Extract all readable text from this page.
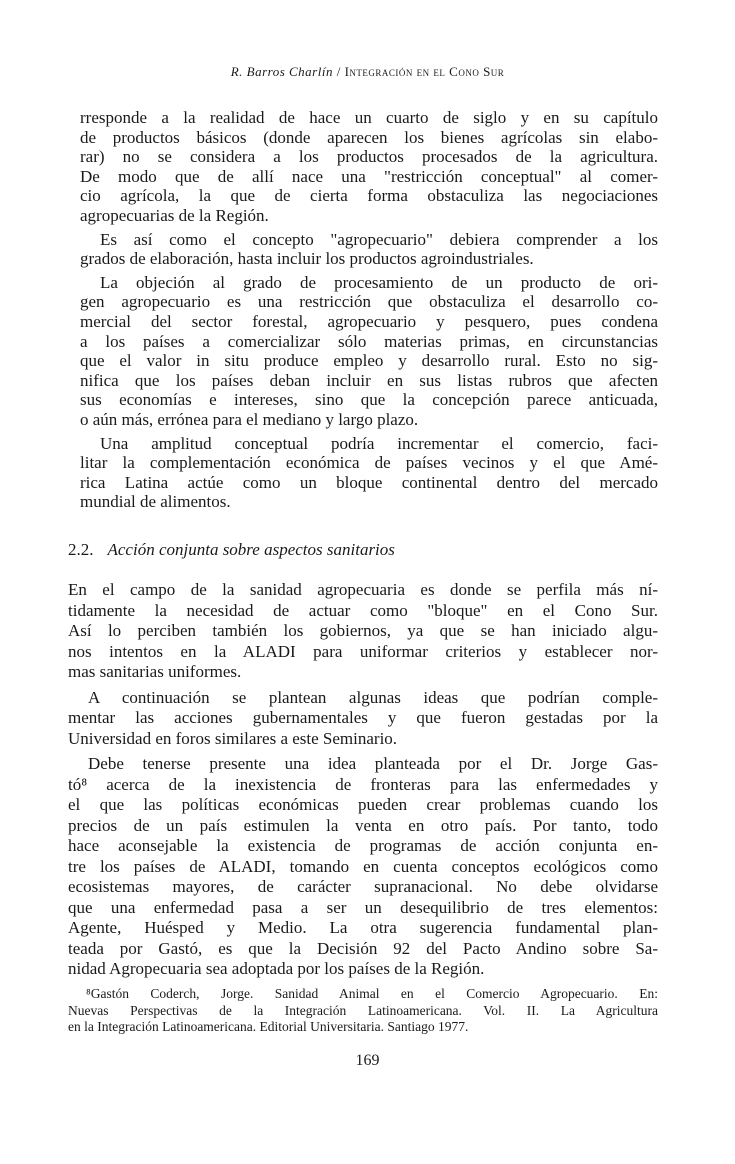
R. Barros Charlín / Integración en el Cono Sur

rresponde a la realidad de hace un cuarto de siglo y en su capítulo
de productos básicos (donde aparecen los bienes agrícolas sin elabo-
rar) no se considera a los productos procesados de la agricultura.
De modo que de allí nace una "restricción conceptual" al comer-
cio agrícola, la que de cierta forma obstaculiza las negociaciones
agropecuarias de la Región.

Es así como el concepto "agropecuario" debiera comprender a los
grados de elaboración, hasta incluir los productos agroindustriales.

La objeción al grado de procesamiento de un producto de ori-
gen agropecuario es una restricción que obstaculiza el desarrollo co-
mercial del sector forestal, agropecuario y pesquero, pues condena
a los países a comercializar sólo materias primas, en circunstancias
que el valor in situ produce empleo y desarrollo rural. Esto no sig-
nifica que los países deban incluir en sus listas rubros que afecten
sus economías e intereses, sino que la concepción parece anticuada,
o aún más, errónea para el mediano y largo plazo.

Una amplitud conceptual podría incrementar el comercio, faci-
litar la complementación económica de países vecinos y el que Amé-
rica Latina actúe como un bloque continental dentro del mercado
mundial de alimentos.

2.2. Acción conjunta sobre aspectos sanitarios

En el campo de la sanidad agropecuaria es donde se perfila más ní-
tidamente la necesidad de actuar como "bloque" en el Cono Sur.
Así lo perciben también los gobiernos, ya que se han iniciado algu-
nos intentos en la ALADI para uniformar criterios y establecer nor-
mas sanitarias uniformes.

A continuación se plantean algunas ideas que podrían comple-
mentar las acciones gubernamentales y que fueron gestadas por la
Universidad en foros similares a este Seminario.

Debe tenerse presente una idea planteada por el Dr. Jorge Gas-
tó⁸ acerca de la inexistencia de fronteras para las enfermedades y
el que las políticas económicas pueden crear problemas cuando los
precios de un país estimulen la venta en otro país. Por tanto, todo
hace aconsejable la existencia de programas de acción conjunta en-
tre los países de ALADI, tomando en cuenta conceptos ecológicos como
ecosistemas mayores, de carácter supranacional. No debe olvidarse
que una enfermedad pasa a ser un desequilibrio de tres elementos:
Agente, Huésped y Medio. La otra sugerencia fundamental plan-
teada por Gastó, es que la Decisión 92 del Pacto Andino sobre Sa-
nidad Agropecuaria sea adoptada por los países de la Región.

⁸Gastón Coderch, Jorge. Sanidad Animal en el Comercio Agropecuario. En:
Nuevas Perspectivas de la Integración Latinoamericana. Vol. II. La Agricultura
en la Integración Latinoamericana. Editorial Universitaria. Santiago 1977.
169
